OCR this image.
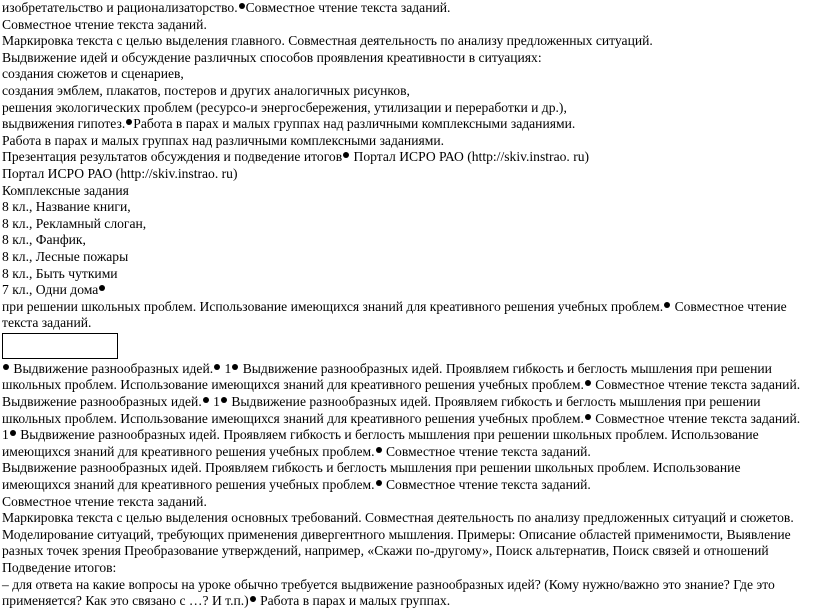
изобретательство и рационализаторство. Совместное чтение текста заданий.
Совместное чтение текста заданий.
Маркировка текста с целью выделения главного. Совместная деятельность по анализу предложенных ситуаций.
Выдвижение идей и обсуждение различных способов проявления креативности в ситуациях:
создания сюжетов и сценариев,
создания эмблем, плакатов, постеров и других аналогичных рисунков,
решения экологических проблем (ресурсо-и энергосбережения, утилизации и переработки и др.),
выдвижения гипотез. Работа в парах и малых группах над различными комплексными заданиями.
Работа в парах и малых группах над различными комплексными заданиями.
Презентация результатов обсуждения и подведение итогов Портал ИСРО РАО (http://skiv.instrao. ru)
Портал ИСРО РАО (http://skiv.instrao. ru)
Комплексные задания
8 кл., Название книги,
8 кл., Рекламный слоган,
8 кл., Фанфик,
8 кл., Лесные пожары
8 кл., Быть чуткими
7 кл., Одни дома
при решении школьных проблем. Использование имеющихся знаний для креативного решения учебных проблем. Совместное чтение текста заданий.
Выдвижение разнообразных идей. 1 Выдвижение разнообразных идей. Проявляем гибкость и беглость мышления при решении школьных проблем. Использование имеющихся знаний для креативного решения учебных проблем. Совместное чтение текста заданий.
Выдвижение разнообразных идей. 1 Выдвижение разнообразных идей. Проявляем гибкость и беглость мышления при решении школьных проблем. Использование имеющихся знаний для креативного решения учебных проблем. Совместное чтение текста заданий.
1 Выдвижение разнообразных идей. Проявляем гибкость и беглость мышления при решении школьных проблем. Использование имеющихся знаний для креативного решения учебных проблем. Совместное чтение текста заданий.
Выдвижение разнообразных идей. Проявляем гибкость и беглость мышления при решении школьных проблем. Использование имеющихся знаний для креативного решения учебных проблем. Совместное чтение текста заданий.
Совместное чтение текста заданий.
Маркировка текста с целью выделения основных требований. Совместная деятельность по анализу предложенных ситуаций и сюжетов.
Моделирование ситуаций, требующих применения дивергентного мышления. Примеры: Описание областей применимости, Выявление разных точек зрения Преобразование утверждений, например, «Скажи по-другому», Поиск альтернатив, Поиск связей и отношений
Подведение итогов:
– для ответа на какие вопросы на уроке обычно требуется выдвижение разнообразных идей? (Кому нужно/важно это знание? Где это применяется? Как это связано с …? И т.п.) Работа в парах и малых группах.
